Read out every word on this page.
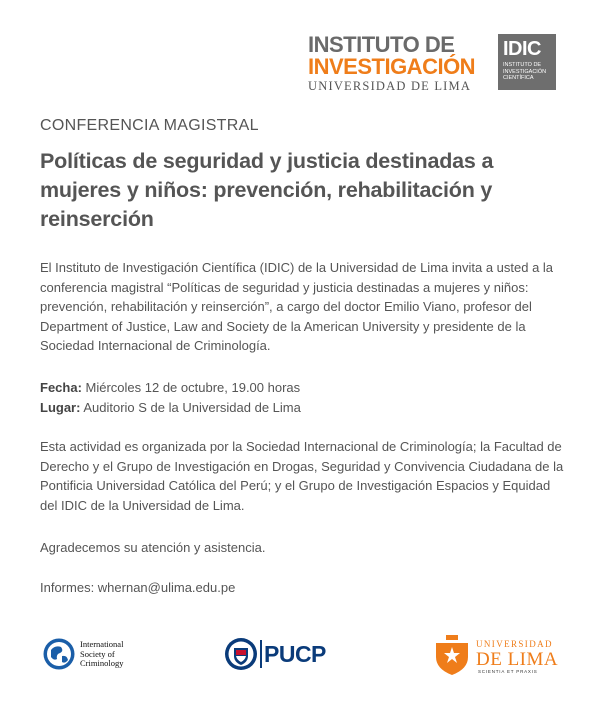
INSTITUTO DE
INVESTIGACIÓN
UNIVERSIDAD DE LIMA
IDIC
INSTITUTO DE
INVESTIGACIÓN
CIENTÍFICA
CONFERENCIA MAGISTRAL
Políticas de seguridad y justicia destinadas a mujeres y niños: prevención, rehabilitación y reinserción

El Instituto de Investigación Científica (IDIC) de la Universidad de Lima invita a usted a la conferencia magistral “Políticas de seguridad y justicia destinadas a mujeres y niños: prevención, rehabilitación y reinserción”, a cargo del doctor Emilio Viano, profesor del Department of Justice, Law and Society de la American University y presidente de la Sociedad Internacional de Criminología.

Fecha: Miércoles 12 de octubre, 19.00 horas
Lugar: Auditorio S de la Universidad de Lima

Esta actividad es organizada por la Sociedad Internacional de Criminología; la Facultad de Derecho y el Grupo de Investigación en Drogas, Seguridad y Convivencia Ciudadana de la Pontificia Universidad Católica del Perú; y el Grupo de Investigación Espacios y Equidad del IDIC de la Universidad de Lima.

Agradecemos su atención y asistencia.

Informes: whernan@ulima.edu.pe

International
Society of
Criminology	PUCP	UNIVERSIDAD
DE LIMA
SCIENTIA ET PRAXIS
